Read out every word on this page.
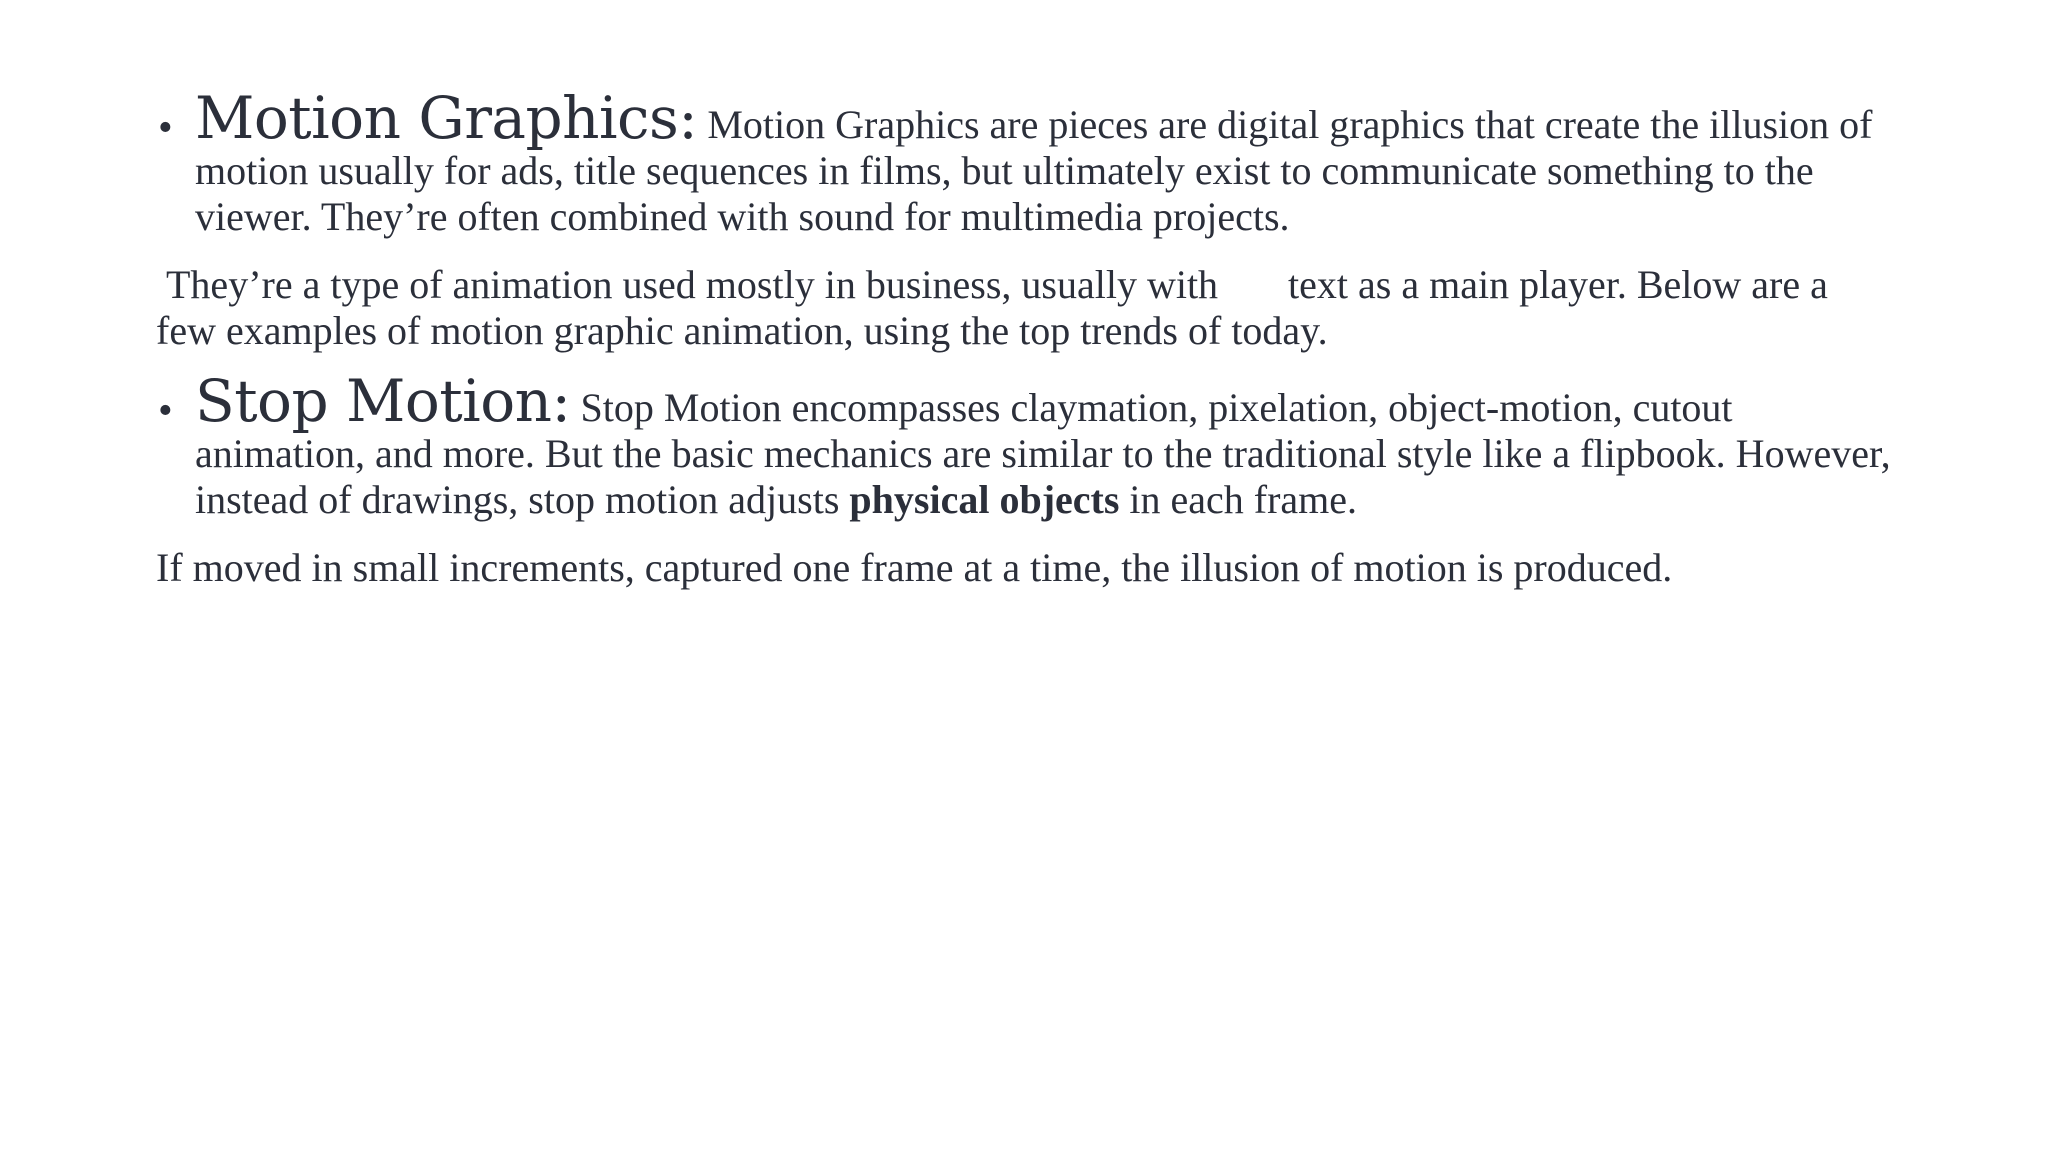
• Motion Graphics: Motion Graphics are pieces are digital graphics that create the illusion of motion usually for ads, title sequences in films, but ultimately exist to communicate something to the viewer. They’re often combined with sound for multimedia projects.

They’re a type of animation used mostly in business, usually with       text as a main player. Below are a few examples of motion graphic animation, using the top trends of today.

• Stop Motion: Stop Motion encompasses claymation, pixelation, object-motion, cutout animation, and more. But the basic mechanics are similar to the traditional style like a flipbook. However, instead of drawings, stop motion adjusts physical objects in each frame.

If moved in small increments, captured one frame at a time, the illusion of motion is produced.
